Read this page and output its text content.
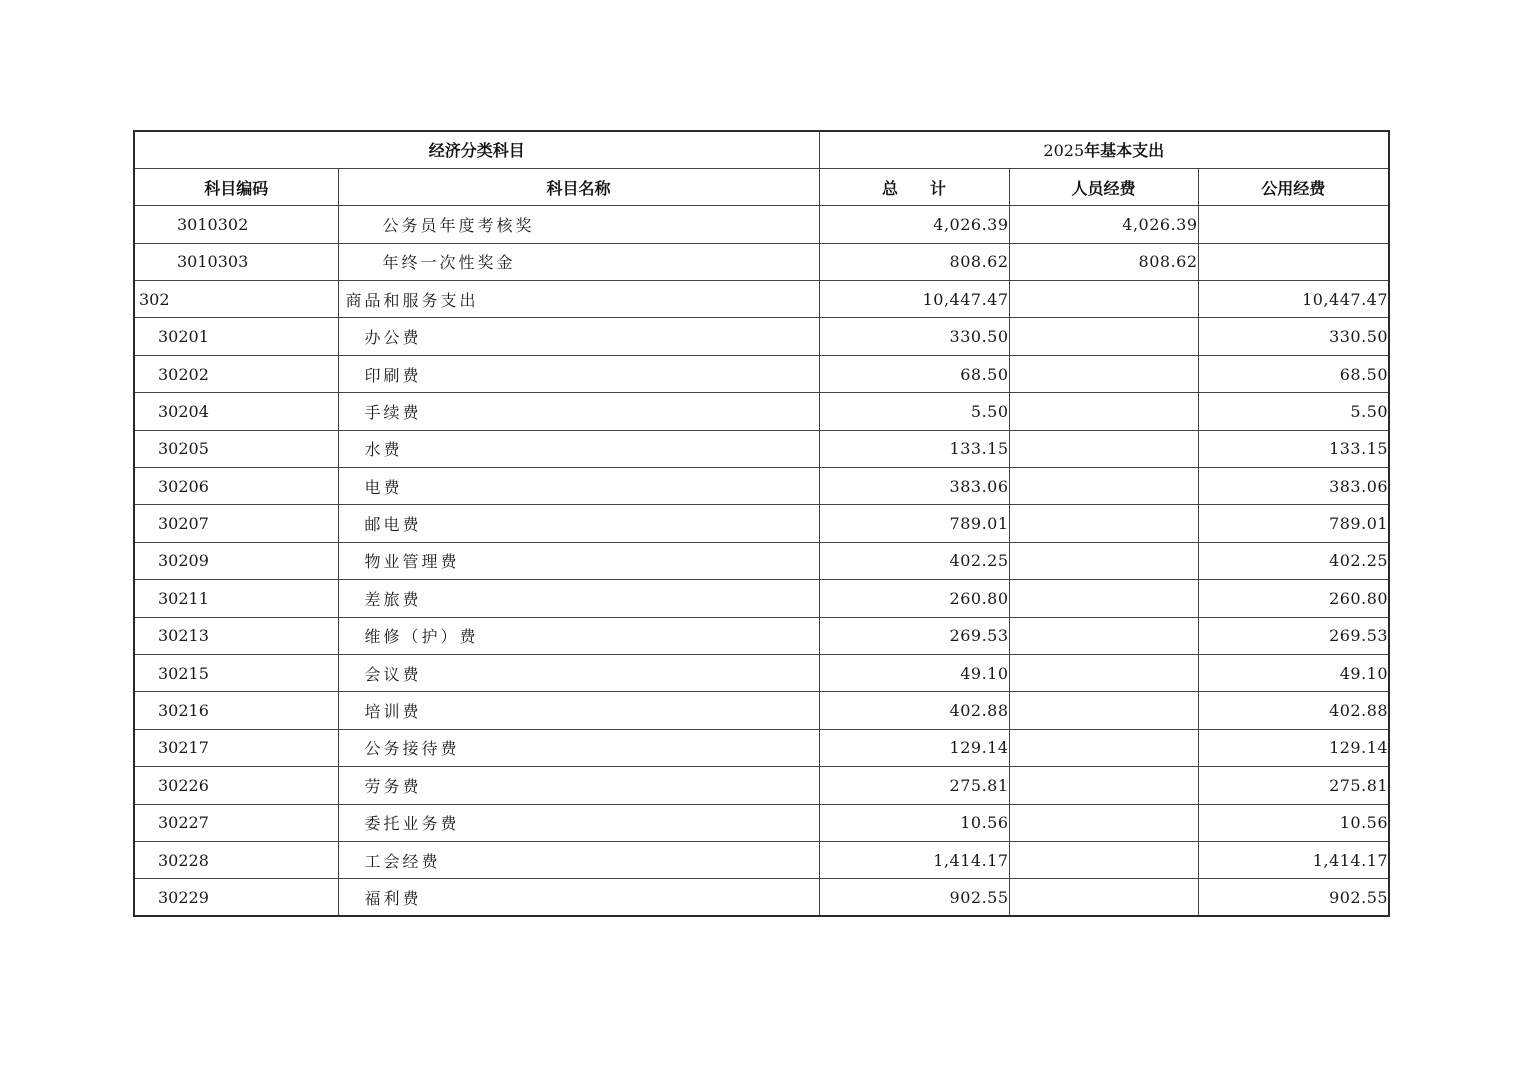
经济分类科目		2025年基本支出		
科目编码	科目名称	总　　计	人员经费	公用经费
3010302	公务员年度考核奖	4,026.39	4,026.39	
3010303	年终一次性奖金	808.62	808.62	
302	商品和服务支出	10,447.47		10,447.47
30201	办公费	330.50		330.50
30202	印刷费	68.50		68.50
30204	手续费	5.50		5.50
30205	水费	133.15		133.15
30206	电费	383.06		383.06
30207	邮电费	789.01		789.01
30209	物业管理费	402.25		402.25
30211	差旅费	260.80		260.80
30213	维修（护）费	269.53		269.53
30215	会议费	49.10		49.10
30216	培训费	402.88		402.88
30217	公务接待费	129.14		129.14
30226	劳务费	275.81		275.81
30227	委托业务费	10.56		10.56
30228	工会经费	1,414.17		1,414.17
30229	福利费	902.55		902.55
